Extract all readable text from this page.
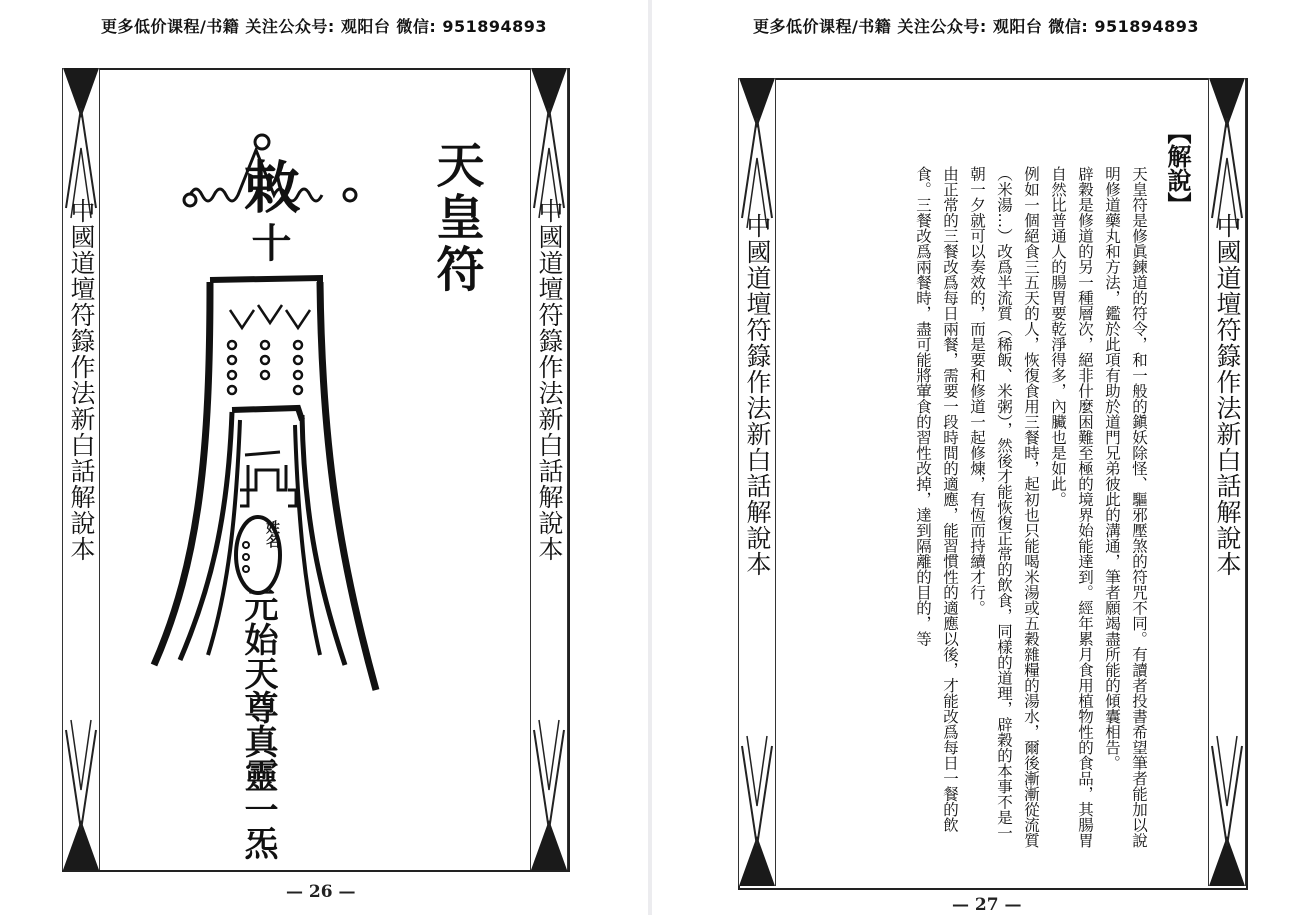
更多低价课程/书籍 关注公众号: 观阳台 微信: 951894893
中國道壇符籙作法新白話解說本	中國道壇符籙作法新白話解說本
天皇符
敕
十
姓名
元始天尊真靈一炁
— 26 —
更多低价课程/书籍 关注公众号: 观阳台 微信: 951894893
中國道壇符籙作法新白話解說本	中國道壇符籙作法新白話解說本
【解說】

天皇符是修眞鍊道的符令，和一般的鎭妖除怪、驅邪壓煞的符咒不同。有讀者投書希望筆者能加以說明修道藥丸和方法，鑑於此項有助於道門兄弟彼此的溝通，筆者願竭盡所能的傾囊相告。

辟穀是修道的另一種層次，絕非什麼困難至極的境界始能達到。經年累月食用植物性的食品，其腸胃自然比普通人的腸胃要乾淨得多，內臟也是如此。

例如一個絕食三五天的人，恢復食用三餐時，起初也只能喝米湯或五穀雜糧的湯水，爾後漸漸從流質（米湯…）改爲半流質（稀飯、米粥），然後才能恢復正常的飲食，同樣的道理，辟穀的本事不是一朝一夕就可以奏效的，而是要和修道一起修煉，有恆而持續才行。

由正常的三餐改爲每日兩餐，需要一段時間的適應，能習慣性的適應以後，才能改爲每日一餐的飲食。三餐改爲兩餐時，盡可能將葷食的習性改掉，達到隔離的目的，等

— 27 —
